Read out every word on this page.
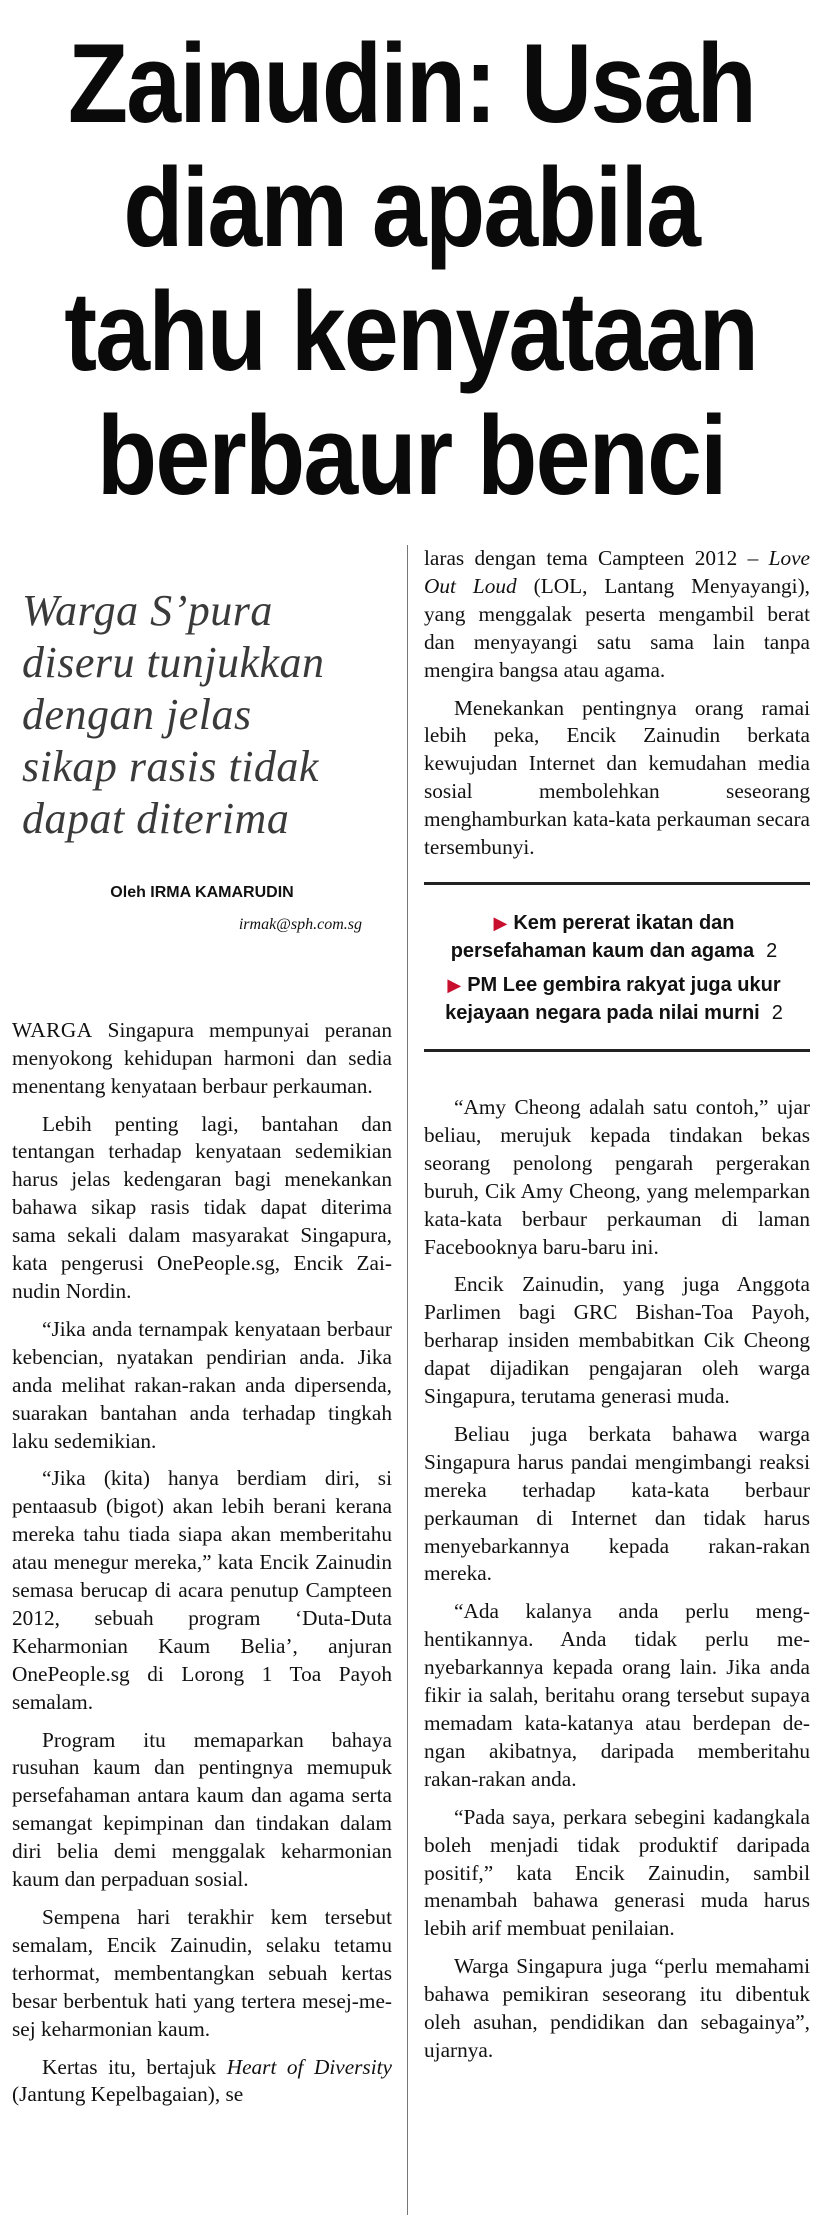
Zainudin: Usah
diam apabila
tahu kenyataan
berbaur benci
Warga S’pura
diseru tunjukkan
dengan jelas
sikap rasis tidak
dapat diterima
Oleh IRMA KAMARUDIN
irmak@sph.com.sg

WARGA Singapura mempunyai peranan menyokong kehidupan harmoni dan sedia menentang kenyataan berbaur perkauman.

Lebih penting lagi, bantahan dan tentangan terhadap kenyataan sedemikian harus jelas kedengaran bagi menekankan bahawa sikap rasis tidak dapat diterima sama sekali dalam masyarakat Singapura, kata pengerusi OnePeople.sg, Encik Zainudin Nordin.

“Jika anda ternampak kenyataan berbaur kebencian, nyatakan pendirian anda. Jika anda melihat rakan-rakan anda dipersenda, suarakan bantahan anda terhadap tingkah laku sedemikian.

“Jika (kita) hanya berdiam diri, si pentaasub (bigot) akan lebih berani kerana mereka tahu tiada siapa akan memberitahu atau menegur mereka,” kata Encik Zainudin semasa berucap di acara penutup Campteen 2012, sebuah program ‘Duta-Duta Keharmonian Kaum Belia’, anjuran OnePeople.sg di Lorong 1 Toa Payoh semalam.

Program itu memaparkan bahaya rusuhan kaum dan pentingnya memupuk persefahaman antara kaum dan agama serta semangat kepimpinan dan tindakan dalam diri belia demi menggalak keharmonian kaum dan perpaduan sosial.

Sempena hari terakhir kem tersebut semalam, Encik Zainudin, selaku tetamu terhormat, membentangkan sebuah kertas besar berbentuk hati yang tertera mesej-mesej keharmonian kaum.

Kertas itu, bertajuk Heart of Diversity (Jantung Kepelbagaian), se

laras dengan tema Campteen 2012 – Love Out Loud (LOL, Lantang Menyayangi), yang menggalak peserta mengambil berat dan menyayangi satu sama lain tanpa mengira bangsa atau agama.

Menekankan pentingnya orang ramai lebih peka, Encik Zainudin berkata kewujudan Internet dan kemudahan media sosial membolehkan seseorang menghamburkan kata-kata perkauman secara tersembunyi.

▶ Kem pererat ikatan dan persefahaman kaum dan agama 2
▶ PM Lee gembira rakyat juga ukur kejayaan negara pada nilai murni 2

“Amy Cheong adalah satu contoh,” ujar beliau, merujuk kepada tindakan bekas seorang penolong pengarah pergerakan buruh, Cik Amy Cheong, yang melemparkan kata-kata berbaur perkauman di laman Facebooknya baru-baru ini.

Encik Zainudin, yang juga Anggota Parlimen bagi GRC Bishan-Toa Payoh, berharap insiden membabitkan Cik Cheong dapat dijadikan pengajaran oleh warga Singapura, terutama generasi muda.

Beliau juga berkata bahawa warga Singapura harus pandai mengimbangi reaksi mereka terhadap kata-kata berbaur perkauman di Internet dan tidak harus menyebarkannya kepada rakan-rakan mereka.

“Ada kalanya anda perlu menghentikannya. Anda tidak perlu menyebarkannya kepada orang lain. Jika anda fikir ia salah, beritahu orang tersebut supaya memadam kata-katanya atau berdepan dengan akibatnya, daripada memberitahu rakan-rakan anda.

“Pada saya, perkara sebegini kadangkala boleh menjadi tidak produktif daripada positif,” kata Encik Zainudin, sambil menambah bahawa generasi muda harus lebih arif membuat penilaian.

Warga Singapura juga “perlu memahami bahawa pemikiran seseorang itu dibentuk oleh asuhan, pendidikan dan sebagainya”, ujarnya.
